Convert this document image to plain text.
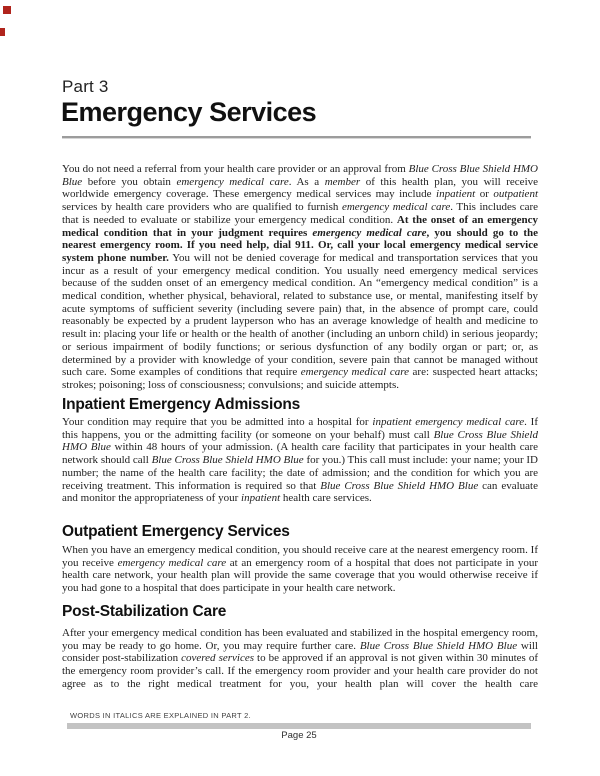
Part 3
Emergency Services
You do not need a referral from your health care provider or an approval from Blue Cross Blue Shield HMO Blue before you obtain emergency medical care. As a member of this health plan, you will receive worldwide emergency coverage. These emergency medical services may include inpatient or outpatient services by health care providers who are qualified to furnish emergency medical care. This includes care that is needed to evaluate or stabilize your emergency medical condition. At the onset of an emergency medical condition that in your judgment requires emergency medical care, you should go to the nearest emergency room. If you need help, dial 911. Or, call your local emergency medical service system phone number. You will not be denied coverage for medical and transportation services that you incur as a result of your emergency medical condition. You usually need emergency medical services because of the sudden onset of an emergency medical condition. An “emergency medical condition” is a medical condition, whether physical, behavioral, related to substance use, or mental, manifesting itself by acute symptoms of sufficient severity (including severe pain) that, in the absence of prompt care, could reasonably be expected by a prudent layperson who has an average knowledge of health and medicine to result in: placing your life or health or the health of another (including an unborn child) in serious jeopardy; or serious impairment of bodily functions; or serious dysfunction of any bodily organ or part; or, as determined by a provider with knowledge of your condition, severe pain that cannot be managed without such care. Some examples of conditions that require emergency medical care are: suspected heart attacks; strokes; poisoning; loss of consciousness; convulsions; and suicide attempts.
Inpatient Emergency Admissions
Your condition may require that you be admitted into a hospital for inpatient emergency medical care. If this happens, you or the admitting facility (or someone on your behalf) must call Blue Cross Blue Shield HMO Blue within 48 hours of your admission. (A health care facility that participates in your health care network should call Blue Cross Blue Shield HMO Blue for you.) This call must include: your name; your ID number; the name of the health care facility; the date of admission; and the condition for which you are receiving treatment. This information is required so that Blue Cross Blue Shield HMO Blue can evaluate and monitor the appropriateness of your inpatient health care services.
Outpatient Emergency Services
When you have an emergency medical condition, you should receive care at the nearest emergency room. If you receive emergency medical care at an emergency room of a hospital that does not participate in your health care network, your health plan will provide the same coverage that you would otherwise receive if you had gone to a hospital that does participate in your health care network.
Post-Stabilization Care
After your emergency medical condition has been evaluated and stabilized in the hospital emergency room, you may be ready to go home. Or, you may require further care. Blue Cross Blue Shield HMO Blue will consider post-stabilization covered services to be approved if an approval is not given within 30 minutes of the emergency room provider’s call. If the emergency room provider and your health care provider do not agree as to the right medical treatment for you, your health plan will cover the health care
WORDS IN ITALICS ARE EXPLAINED IN PART 2.
Page 25
